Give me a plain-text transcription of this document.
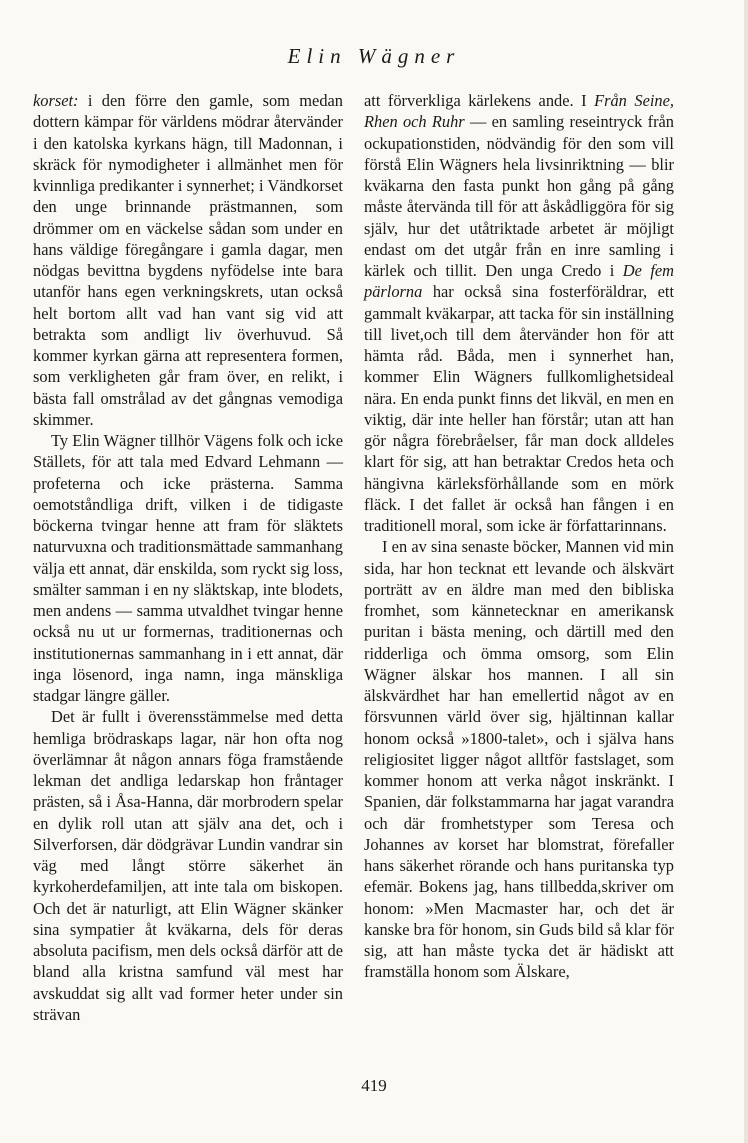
Elin Wägner

korset: i den förre den gamle, som medan dottern kämpar för världens mödrar återvänder i den katolska kyrkans hägn, till Madonnan, i skräck för nymodigheter i allmänhet men för kvinnliga predikanter i synnerhet; i Vändkorset den unge brinnande prästmannen, som drömmer om en väckelse sådan som under en hans väldige föregångare i gamla dagar, men nödgas bevittna bygdens nyfödelse inte bara utanför hans egen verkningskrets, utan också helt bortom allt vad han vant sig vid att betrakta som andligt liv överhuvud. Så kommer kyrkan gärna att representera formen, som verkligheten går fram över, en relikt, i bästa fall omstrålad av det gångnas vemodiga skimmer.

Ty Elin Wägner tillhör Vägens folk och icke Ställets, för att tala med Edvard Lehmann — profeterna och icke prästerna. Samma oemotståndliga drift, vilken i de tidigaste böckerna tvingar henne att fram för släktets naturvuxna och traditionsmättade sammanhang välja ett annat, där enskilda, som ryckt sig loss, smälter samman i en ny släktskap, inte blodets, men andens — samma utvaldhet tvingar henne också nu ut ur formernas, traditionernas och institutionernas sammanhang in i ett annat, där inga lösenord, inga namn, inga mänskliga stadgar längre gäller.

Det är fullt i överensstämmelse med detta hemliga brödraskaps lagar, när hon ofta nog överlämnar åt någon annars föga framstående lekman det andliga ledarskap hon fråntager prästen, så i Åsa-Hanna, där morbrodern spelar en dylik roll utan att själv ana det, och i Silverforsen, där dödgrävar Lundin vandrar sin väg med långt större säkerhet än kyrkoherdefamiljen, att inte tala om biskopen. Och det är naturligt, att Elin Wägner skänker sina sympatier åt kväkarna, dels för deras absoluta pacifism, men dels också därför att de bland alla kristna samfund väl mest har avskuddat sig allt vad former heter under sin strävan

att förverkliga kärlekens ande. I Från Seine, Rhen och Ruhr — en samling reseintryck från ockupationstiden, nödvändig för den som vill förstå Elin Wägners hela livsinriktning — blir kväkarna den fasta punkt hon gång på gång måste återvända till för att åskådliggöra för sig själv, hur det utåtriktade arbetet är möjligt endast om det utgår från en inre samling i kärlek och tillit. Den unga Credo i De fem pärlorna har också sina fosterföräldrar, ett gammalt kväkarpar, att tacka för sin inställning till livet,och till dem återvänder hon för att hämta råd. Båda, men i synnerhet han, kommer Elin Wägners fullkomlighetsideal nära. En enda punkt finns det likväl, en men en viktig, där inte heller han förstår; utan att han gör några förebråelser, får man dock alldeles klart för sig, att han betraktar Credos heta och hängivna kärleksförhållande som en mörk fläck. I det fallet är också han fången i en traditionell moral, som icke är författarinnans.

I en av sina senaste böcker, Mannen vid min sida, har hon tecknat ett levande och älskvärt porträtt av en äldre man med den bibliska fromhet, som kännetecknar en amerikansk puritan i bästa mening, och därtill med den ridderliga och ömma omsorg, som Elin Wägner älskar hos mannen. I all sin älskvärdhet har han emellertid något av en försvunnen värld över sig, hjältinnan kallar honom också »1800-talet», och i själva hans religiositet ligger något alltför fastslaget, som kommer honom att verka något inskränkt. I Spanien, där folkstammarna har jagat varandra och där fromhetstyper som Teresa och Johannes av korset har blomstrat, förefaller hans säkerhet rörande och hans puritanska typ efemär. Bokens jag, hans tillbedda,skriver om honom: »Men Macmaster har, och det är kanske bra för honom, sin Guds bild så klar för sig, att han måste tycka det är hädiskt att framställa honom som Älskare,

419
